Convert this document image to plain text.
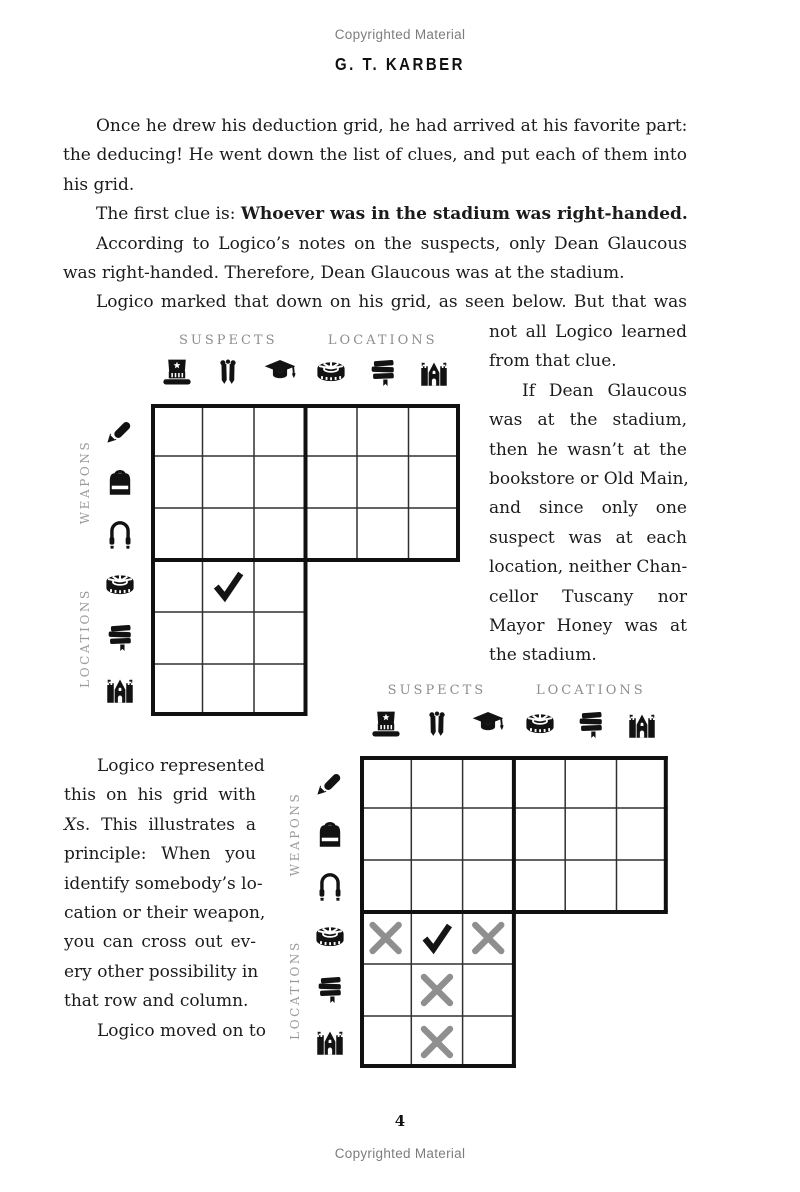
Copyrighted Material
G. T. KARBER
Once he drew his deduction grid, he had arrived at his favorite part:
the deducing! He went down the list of clues, and put each of them into
his grid.
The first clue is: Whoever was in the stadium was right-handed.
According to Logico’s notes on the suspects, only Dean Glaucous
was right-handed. Therefore, Dean Glaucous was at the stadium.
Logico marked that down on his grid, as seen below. But that was
not all Logico learned
from that clue.
If Dean Glaucous
was at the stadium,
then he wasn’t at the
bookstore or Old Main,
and since only one
suspect was at each
location, neither Chan-
cellor Tuscany nor
Mayor Honey was at
the stadium.
Logico represented
this on his grid with
Xs. This illustrates a
principle: When you
identify somebody’s lo-
cation or their weapon,
you can cross out ev-
ery other possibility in
that row and column.
Logico moved on to
SUSPECTS	LOCATIONS
WEAPONS
LOCATIONS
SUSPECTS	LOCATIONS
WEAPONS
LOCATIONS
4
Copyrighted Material
